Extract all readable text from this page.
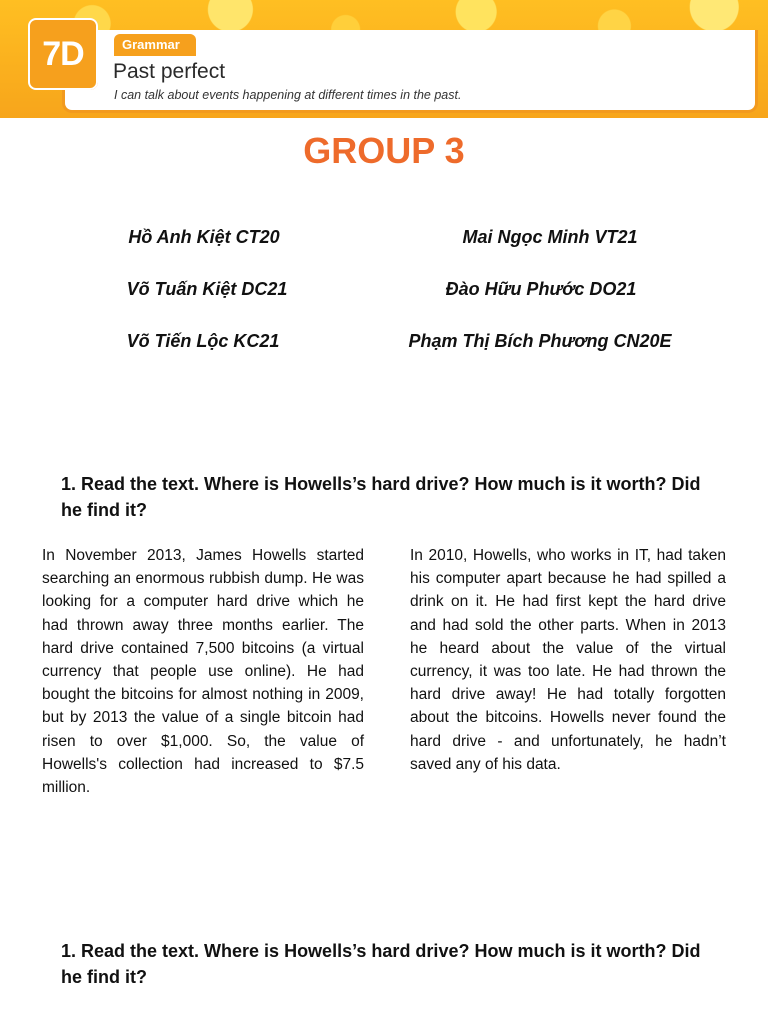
7D	Grammar
Past perfect
I can talk about events happening at different times in the past.
GROUP 3
Hồ Anh Kiệt CT20	Mai Ngọc Minh VT21
Võ Tuấn Kiệt DC21	Đào Hữu Phước DO21
Võ Tiến Lộc KC21	Phạm Thị Bích Phương CN20E
1. Read the text. Where is Howells’s hard drive? How much is it worth? Did he find it?
In November 2013, James Howells started searching an enormous rubbish dump. He was looking for a computer hard drive which he had thrown away three months earlier. The hard drive contained 7,500 bitcoins (a virtual currency that people use online). He had bought the bitcoins for almost nothing in 2009, but by 2013 the value of a single bitcoin had risen to over $1,000. So, the value of Howells's collection had increased to $7.5 million.
In 2010, Howells, who works in IT, had taken his computer apart because he had spilled a drink on it. He had first kept the hard drive and had sold the other parts. When in 2013 he heard about the value of the virtual currency, it was too late. He had thrown the hard drive away! He had totally forgotten about the bitcoins. Howells never found the hard drive - and unfortunately, he hadn’t saved any of his data.
1. Read the text. Where is Howells’s hard drive? How much is it worth? Did he find it?
